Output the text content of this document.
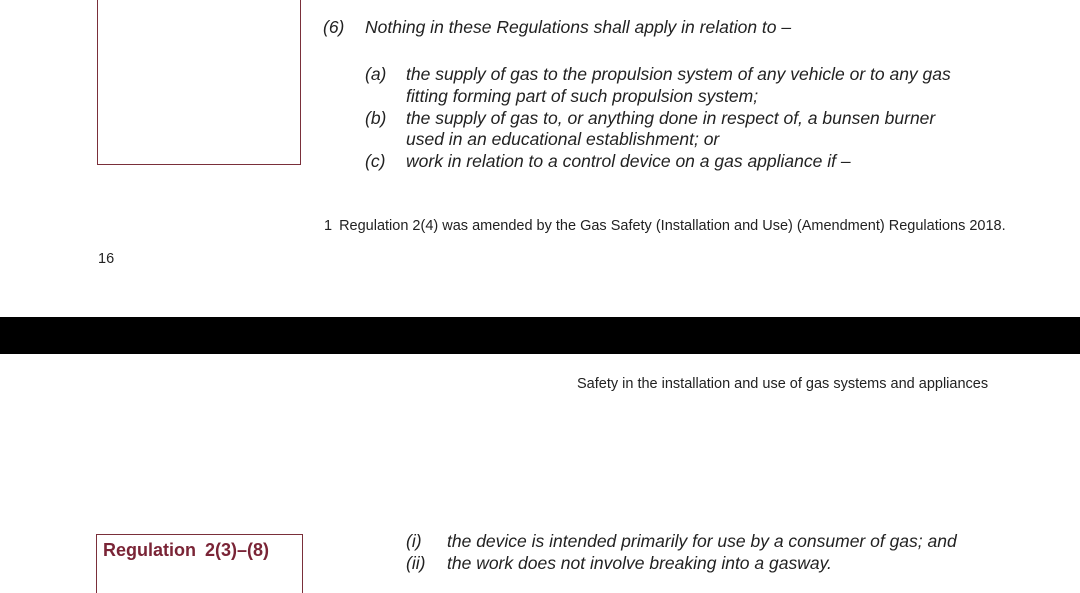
(6) Nothing in these Regulations shall apply in relation to –
(a) the supply of gas to the propulsion system of any vehicle or to any gas
fitting forming part of such propulsion system;
(b) the supply of gas to, or anything done in respect of, a bunsen burner
used in an educational establishment; or
(c) work in relation to a control device on a gas appliance if –
1 Regulation 2(4) was amended by the Gas Safety (Installation and Use) (Amendment) Regulations 2018.
16
Safety in the installation and use of gas systems and appliances
Regulation 2(3)–(8)	(i) the device is intended primarily for use by a consumer of gas; and
(ii) the work does not involve breaking into a gasway.
